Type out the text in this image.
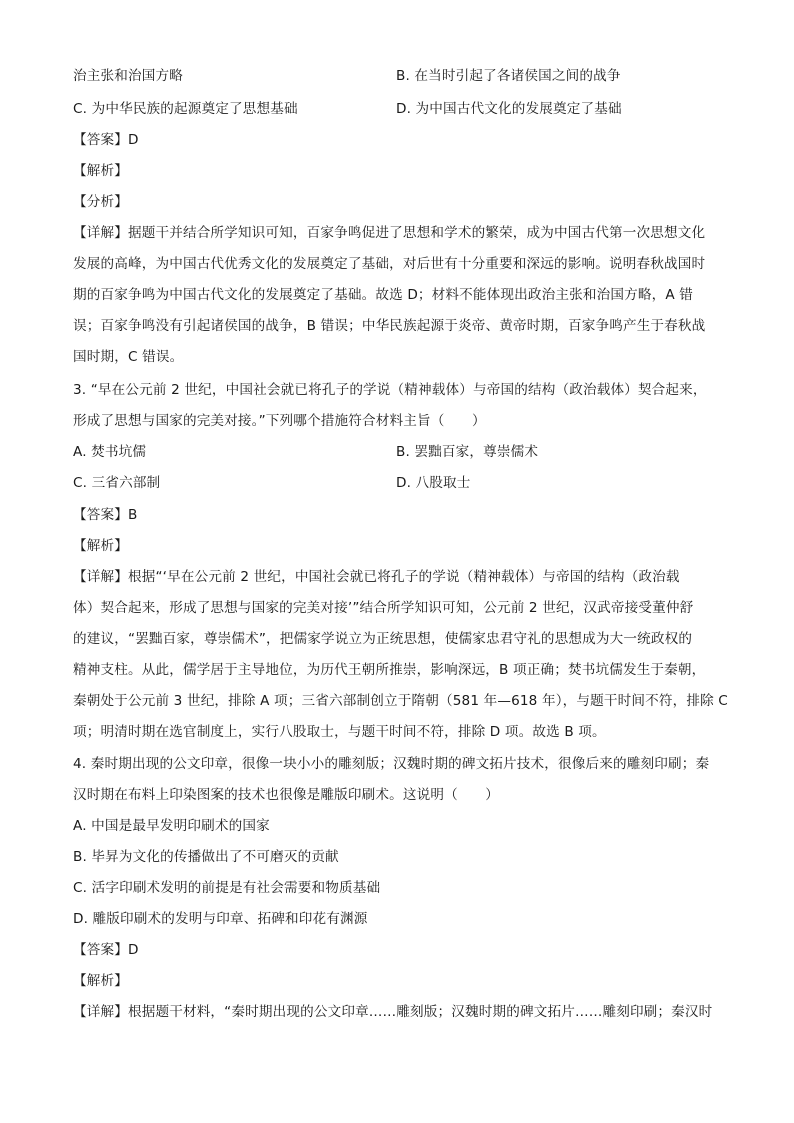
治主张和治国方略	B. 在当时引起了各诸侯国之间的战争
C. 为中华民族的起源奠定了思想基础	D. 为中国古代文化的发展奠定了基础
【答案】D
【解析】
【分析】
【详解】据题干并结合所学知识可知，百家争鸣促进了思想和学术的繁荣，成为中国古代第一次思想文化
发展的高峰，为中国古代优秀文化的发展奠定了基础，对后世有十分重要和深远的影响。说明春秋战国时
期的百家争鸣为中国古代文化的发展奠定了基础。故选 D；材料不能体现出政治主张和治国方略，A 错
误；百家争鸣没有引起诸侯国的战争，B 错误；中华民族起源于炎帝、黄帝时期，百家争鸣产生于春秋战
国时期，C 错误。
3. “早在公元前 2 世纪，中国社会就已将孔子的学说（精神载体）与帝国的结构（政治载体）契合起来，
形成了思想与国家的完美对接。”下列哪个措施符合材料主旨（　　）
A. 焚书坑儒	B. 罢黜百家，尊崇儒术
C. 三省六部制	D. 八股取士
【答案】B
【解析】
【详解】根据“‘早在公元前 2 世纪，中国社会就已将孔子的学说（精神载体）与帝国的结构（政治载
体）契合起来，形成了思想与国家的完美对接’”结合所学知识可知，公元前 2 世纪，汉武帝接受董仲舒
的建议，“罢黜百家，尊崇儒术”，把儒家学说立为正统思想，使儒家忠君守礼的思想成为大一统政权的
精神支柱。从此，儒学居于主导地位，为历代王朝所推崇，影响深远，B 项正确；焚书坑儒发生于秦朝，
秦朝处于公元前 3 世纪，排除 A 项；三省六部制创立于隋朝（581 年—618 年），与题干时间不符，排除 C
项；明清时期在选官制度上，实行八股取士，与题干时间不符，排除 D 项。故选 B 项。
4. 秦时期出现的公文印章，很像一块小小的雕刻版；汉魏时期的碑文拓片技术，很像后来的雕刻印刷；秦
汉时期在布料上印染图案的技术也很像是雕版印刷术。这说明（　　）
A. 中国是最早发明印刷术的国家
B. 毕昇为文化的传播做出了不可磨灭的贡献
C. 活字印刷术发明的前提是有社会需要和物质基础
D. 雕版印刷术的发明与印章、拓碑和印花有渊源
【答案】D
【解析】
【详解】根据题干材料，“秦时期出现的公文印章……雕刻版；汉魏时期的碑文拓片……雕刻印刷；秦汉时
